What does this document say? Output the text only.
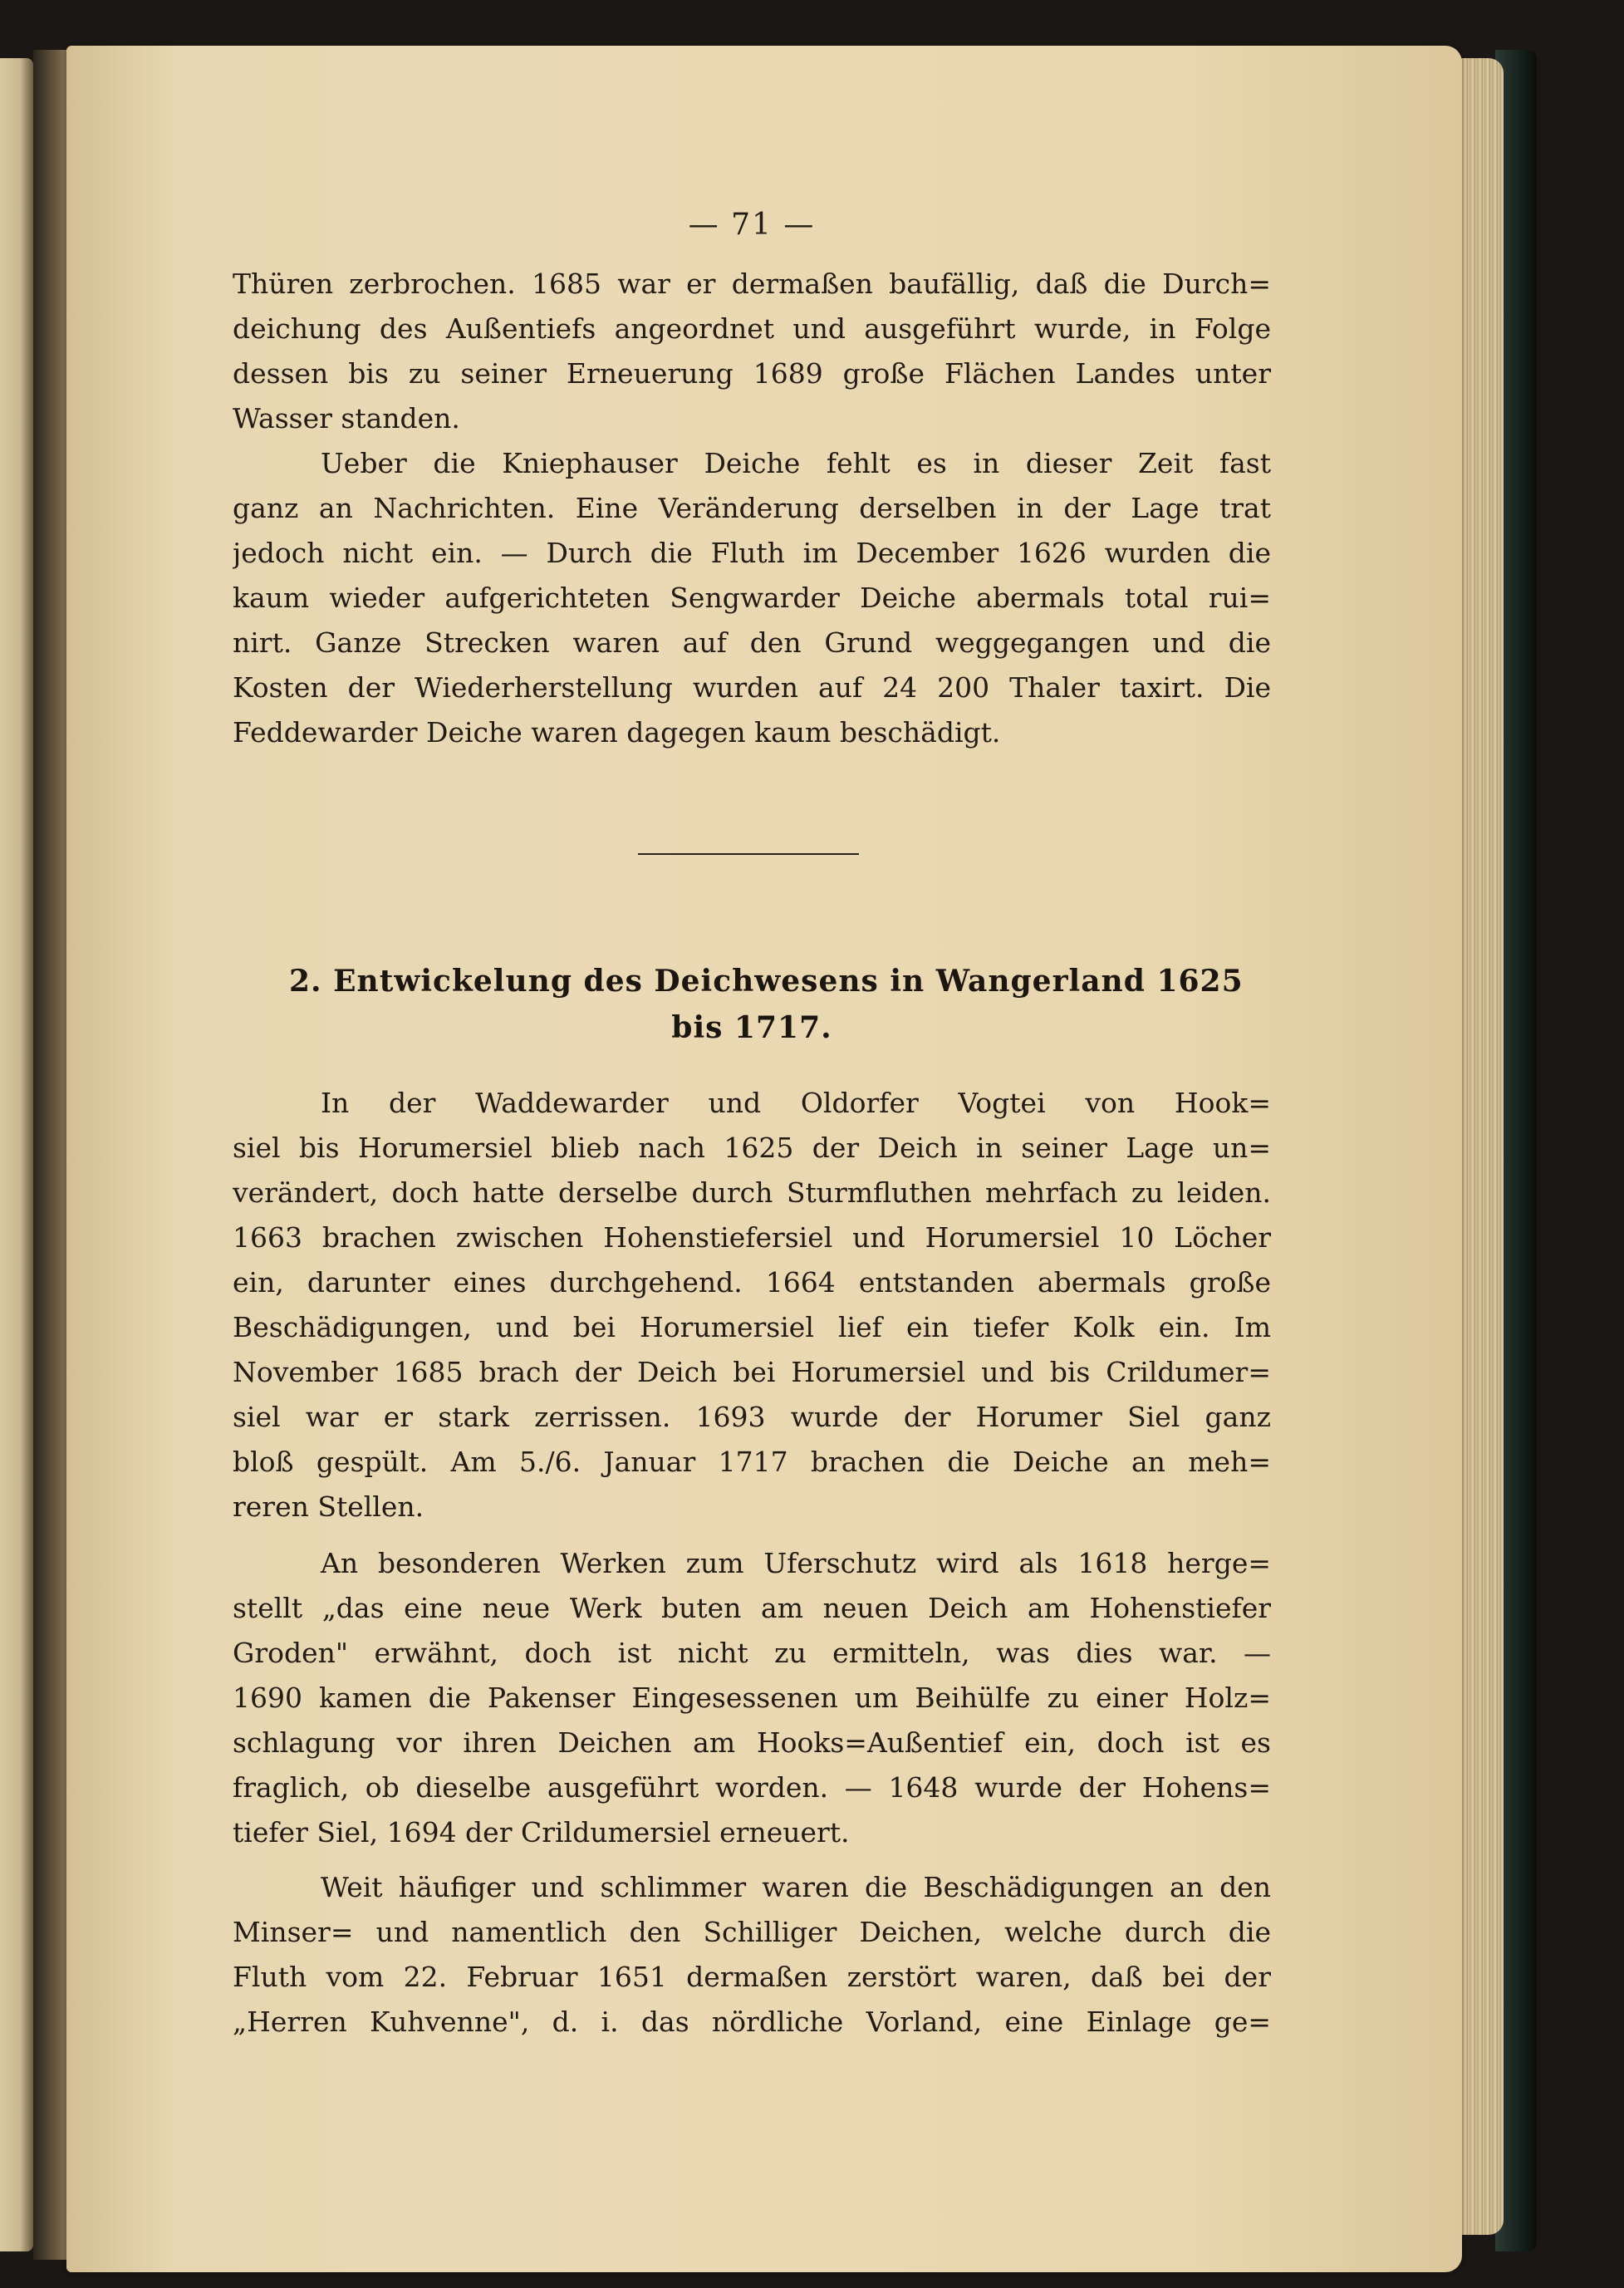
— 71 —
Thüren zerbrochen. 1685 war er dermaßen baufällig, daß die Durch=
deichung des Außentiefs angeordnet und ausgeführt wurde, in Folge
dessen bis zu seiner Erneuerung 1689 große Flächen Landes unter
Wasser standen.
Ueber die Kniephauser Deiche fehlt es in dieser Zeit fast
ganz an Nachrichten. Eine Veränderung derselben in der Lage trat
jedoch nicht ein. — Durch die Fluth im December 1626 wurden die
kaum wieder aufgerichteten Sengwarder Deiche abermals total rui=
nirt. Ganze Strecken waren auf den Grund weggegangen und die
Kosten der Wiederherstellung wurden auf 24 200 Thaler taxirt. Die
Feddewarder Deiche waren dagegen kaum beschädigt.
2. Entwickelung des Deichwesens in Wangerland 1625
bis 1717.
In der Waddewarder und Oldorfer Vogtei von Hook=
siel bis Horumersiel blieb nach 1625 der Deich in seiner Lage un=
verändert, doch hatte derselbe durch Sturmfluthen mehrfach zu leiden.
1663 brachen zwischen Hohenstiefersiel und Horumersiel 10 Löcher
ein, darunter eines durchgehend. 1664 entstanden abermals große
Beschädigungen, und bei Horumersiel lief ein tiefer Kolk ein. Im
November 1685 brach der Deich bei Horumersiel und bis Crildumer=
siel war er stark zerrissen. 1693 wurde der Horumer Siel ganz
bloß gespült. Am 5./6. Januar 1717 brachen die Deiche an meh=
reren Stellen.
An besonderen Werken zum Uferschutz wird als 1618 herge=
stellt „das eine neue Werk buten am neuen Deich am Hohenstiefer
Groden" erwähnt, doch ist nicht zu ermitteln, was dies war. —
1690 kamen die Pakenser Eingesessenen um Beihülfe zu einer Holz=
schlagung vor ihren Deichen am Hooks=Außentief ein, doch ist es
fraglich, ob dieselbe ausgeführt worden. — 1648 wurde der Hohens=
tiefer Siel, 1694 der Crildumersiel erneuert.
Weit häufiger und schlimmer waren die Beschädigungen an den
Minser= und namentlich den Schilliger Deichen, welche durch die
Fluth vom 22. Februar 1651 dermaßen zerstört waren, daß bei der
„Herren Kuhvenne", d. i. das nördliche Vorland, eine Einlage ge=
